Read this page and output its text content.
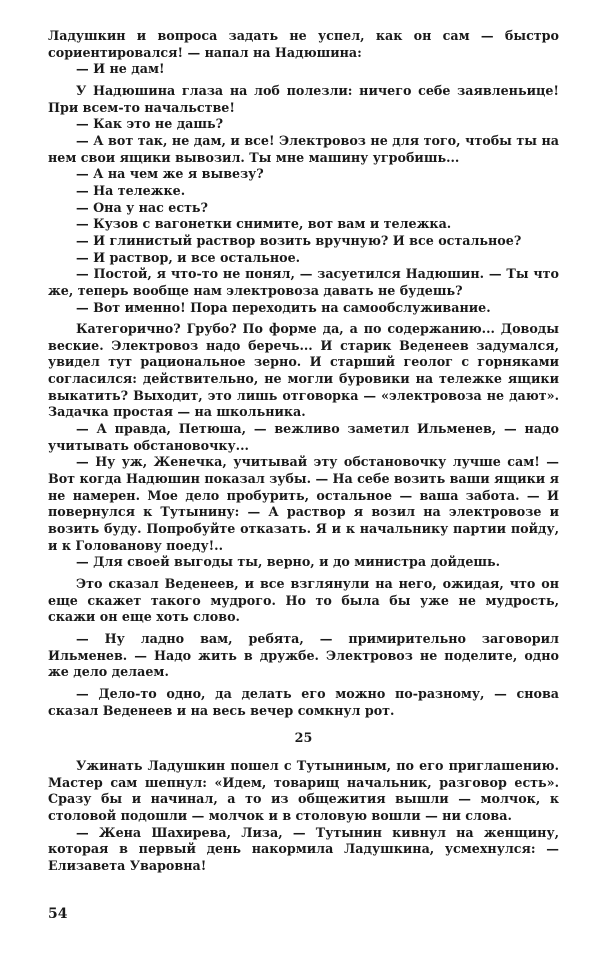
Ладушкин и вопроса задать не успел, как он сам — быстро сориентировался! — напал на Надюшина:

— И не дам!

У Надюшина глаза на лоб полезли: ничего себе заявленьице! При всем-то начальстве!

— Как это не дашь?

— А вот так, не дам, и все! Электровоз не для того, чтобы ты на нем свои ящики вывозил. Ты мне машину угробишь...

— А на чем же я вывезу?

— На тележке.

— Она у нас есть?

— Кузов с вагонетки снимите, вот вам и тележка.

— И глинистый раствор возить вручную? И все остальное?

— И раствор, и все остальное.

— Постой, я что-то не понял, — засуетился Надюшин. — Ты что же, теперь вообще нам электровоза давать не будешь?

— Вот именно! Пора переходить на самообслуживание.

Категорично? Грубо? По форме да, а по содержанию... Доводы веские. Электровоз надо беречь... И старик Веденеев задумался, увидел тут рациональное зерно. И старший геолог с горняками согласился: действительно, не могли буровики на тележке ящики выкатить? Выходит, это лишь отговорка — «электровоза не дают». Задачка простая — на школьника.

— А правда, Петюша, — вежливо заметил Ильменев, — надо учитывать обстановочку...

— Ну уж, Женечка, учитывай эту обстановочку лучше сам! — Вот когда Надюшин показал зубы. — На себе возить ваши ящики я не намерен. Мое дело пробурить, остальное — ваша забота. — И повернулся к Тутынину: — А раствор я возил на электровозе и возить буду. Попробуйте отказать. Я и к начальнику партии пойду, и к Голованову поеду!..

— Для своей выгоды ты, верно, и до министра дойдешь.

Это сказал Веденеев, и все взглянули на него, ожидая, что он еще скажет такого мудрого. Но то была бы уже не мудрость, скажи он еще хоть слово.

— Ну ладно вам, ребята, — примирительно заговорил Ильменев. — Надо жить в дружбе. Электровоз не поделите, одно же дело делаем.

— Дело-то одно, да делать его можно по-разному, — снова сказал Веденеев и на весь вечер сомкнул рот.

25

Ужинать Ладушкин пошел с Тутыниным, по его приглашению. Мастер сам шепнул: «Идем, товарищ начальник, разговор есть». Сразу бы и начинал, а то из общежития вышли — молчок, к столовой подошли — молчок и в столовую вошли — ни слова.

— Жена Шахирева, Лиза, — Тутынин кивнул на женщину, которая в первый день накормила Ладушкина, усмехнулся: — Елизавета Уваровна!

54
